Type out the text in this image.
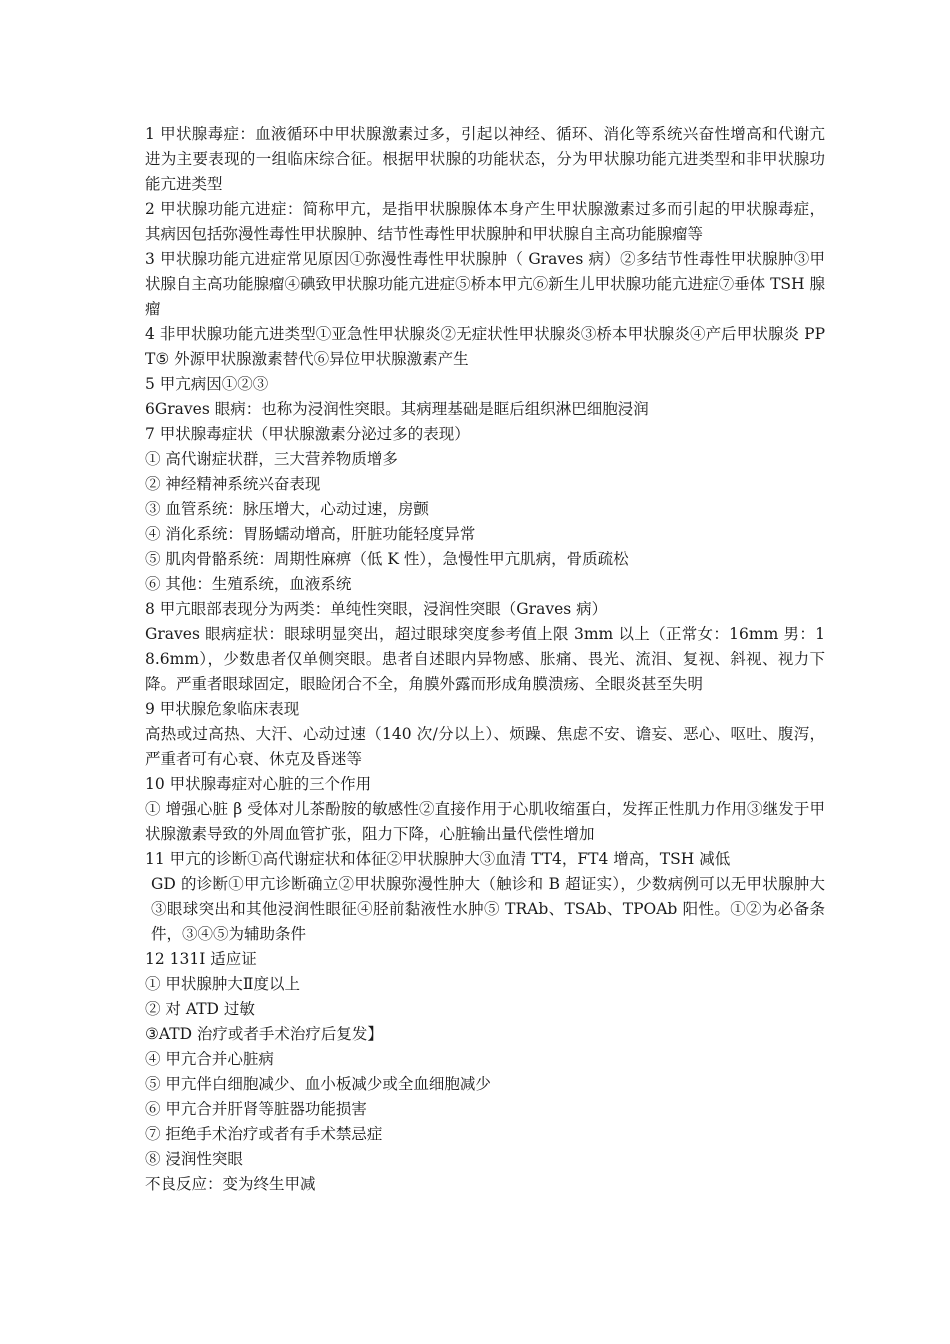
1 甲状腺毒症：血液循环中甲状腺激素过多，引起以神经、循环、消化等系统兴奋性增高和代谢亢进为主要表现的一组临床综合征。根据甲状腺的功能状态，分为甲状腺功能亢进类型和非甲状腺功能亢进类型

2 甲状腺功能亢进症：简称甲亢，是指甲状腺腺体本身产生甲状腺激素过多而引起的甲状腺毒症，其病因包括弥漫性毒性甲状腺肿、结节性毒性甲状腺肿和甲状腺自主高功能腺瘤等

3 甲状腺功能亢进症常见原因①弥漫性毒性甲状腺肿（ Graves 病）②多结节性毒性甲状腺肿③甲状腺自主高功能腺瘤④碘致甲状腺功能亢进症⑤桥本甲亢⑥新生儿甲状腺功能亢进症⑦垂体 TSH 腺瘤

4 非甲状腺功能亢进类型①亚急性甲状腺炎②无症状性甲状腺炎③桥本甲状腺炎④产后甲状腺炎 PPT⑤ 外源甲状腺激素替代⑥异位甲状腺激素产生

5 甲亢病因①②③

6Graves 眼病：也称为浸润性突眼。其病理基础是眶后组织淋巴细胞浸润

7 甲状腺毒症状（甲状腺激素分泌过多的表现）

① 高代谢症状群，三大营养物质增多

② 神经精神系统兴奋表现

③ 血管系统：脉压增大，心动过速，房颤

④ 消化系统：胃肠蠕动增高，肝脏功能轻度异常

⑤ 肌肉骨骼系统：周期性麻痹（低 K 性），急慢性甲亢肌病，骨质疏松

⑥ 其他：生殖系统，血液系统

8 甲亢眼部表现分为两类：单纯性突眼，浸润性突眼（Graves 病）

Graves 眼病症状：眼球明显突出，超过眼球突度参考值上限 3mm 以上（正常女：16mm 男：18.6mm），少数患者仅单侧突眼。患者自述眼内异物感、胀痛、畏光、流泪、复视、斜视、视力下降。严重者眼球固定，眼睑闭合不全，角膜外露而形成角膜溃疡、全眼炎甚至失明

9 甲状腺危象临床表现

高热或过高热、大汗、心动过速（140 次/分以上）、烦躁、焦虑不安、谵妄、恶心、呕吐、腹泻，严重者可有心衰、休克及昏迷等

10 甲状腺毒症对心脏的三个作用

① 增强心脏 β 受体对儿茶酚胺的敏感性②直接作用于心肌收缩蛋白，发挥正性肌力作用③继发于甲状腺激素导致的外周血管扩张，阻力下降，心脏输出量代偿性增加

11 甲亢的诊断①高代谢症状和体征②甲状腺肿大③血清 TT4，FT4 增高，TSH 减低

GD 的诊断①甲亢诊断确立②甲状腺弥漫性肿大（触诊和 B 超证实），少数病例可以无甲状腺肿大③眼球突出和其他浸润性眼征④胫前黏液性水肿⑤ TRAb、TSAb、TPOAb 阳性。①②为必备条件，③④⑤为辅助条件

12 131I 适应证

① 甲状腺肿大Ⅱ度以上

② 对 ATD 过敏

③ATD 治疗或者手术治疗后复发】

④ 甲亢合并心脏病

⑤ 甲亢伴白细胞减少、血小板减少或全血细胞减少

⑥ 甲亢合并肝肾等脏器功能损害

⑦ 拒绝手术治疗或者有手术禁忌症

⑧ 浸润性突眼

不良反应：变为终生甲减
